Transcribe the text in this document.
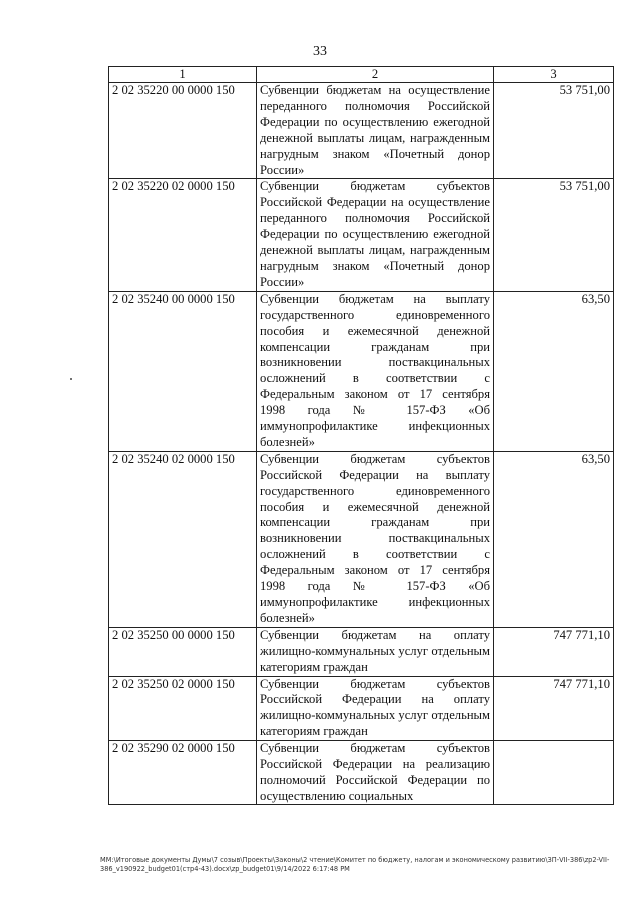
33
1	2	3
2 02 35220 00 0000 150	Субвенции бюджетам на осуществление переданного полномочия Российской Федерации по осуществлению ежегодной денежной выплаты лицам, награжденным нагрудным знаком «Почетный донор России»	53 751,00
2 02 35220 02 0000 150	Субвенции бюджетам субъектов Российской Федерации на осуществление переданного полномочия Российской Федерации по осуществлению ежегодной денежной выплаты лицам, награжденным нагрудным знаком «Почетный донор России»	53 751,00
2 02 35240 00 0000 150	Субвенции бюджетам на выплату государственного единовременного пособия и ежемесячной денежной компенсации гражданам при возникновении поствакцинальных осложнений в соответствии с Федеральным законом от 17 сентября 1998 года № 157-ФЗ «Об иммунопрофилактике инфекционных болезней»	63,50
2 02 35240 02 0000 150	Субвенции бюджетам субъектов Российской Федерации на выплату государственного единовременного пособия и ежемесячной денежной компенсации гражданам при возникновении поствакцинальных осложнений в соответствии с Федеральным законом от 17 сентября 1998 года № 157-ФЗ «Об иммунопрофилактике инфекционных болезней»	63,50
2 02 35250 00 0000 150	Субвенции бюджетам на оплату жилищно-коммунальных услуг отдельным категориям граждан	747 771,10
2 02 35250 02 0000 150	Субвенции бюджетам субъектов Российской Федерации на оплату жилищно-коммунальных услуг отдельным категориям граждан	747 771,10
2 02 35290 02 0000 150	Субвенции бюджетам субъектов Российской Федерации на реализацию полномочий Российской Федерации по осуществлению социальных	

ММ:\Итоговые документы Думы\7 созыв\Проекты\Законы\2 чтение\Комитет по бюджету, налогам и экономическому развитию\ЗП-VII-386\zp2-VII-386_v190922_budget01(стр4-43).docx\zp_budget01\9/14/2022 6:17:48 PM
